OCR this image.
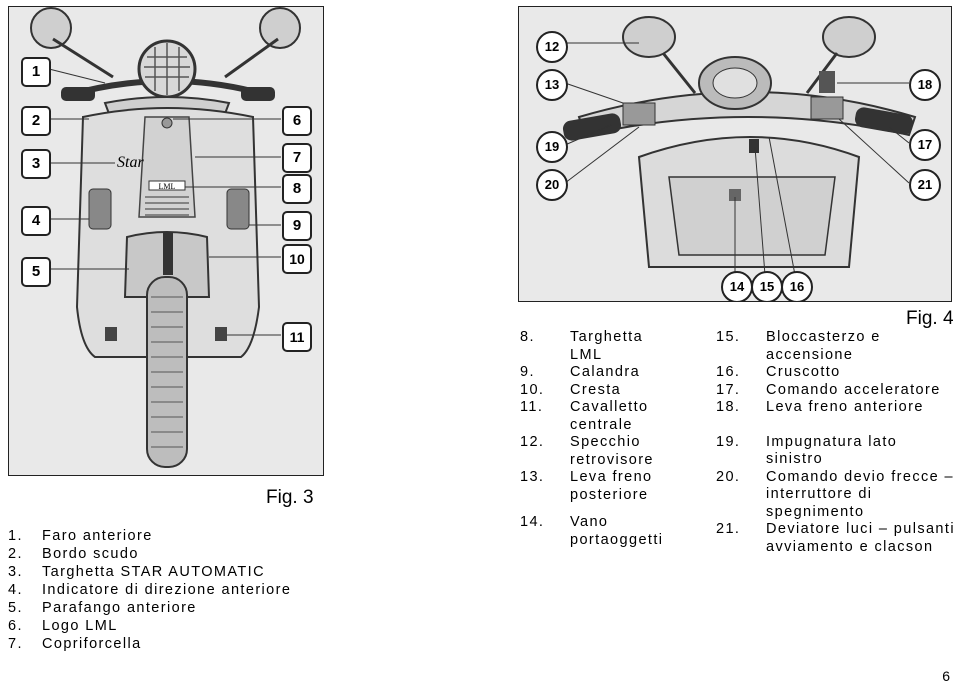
LML
Star
1
2
3
4
5
6
7
8
9
10
11
Fig. 3
1. Faro anteriore
2. Bordo scudo
3. Targhetta STAR AUTOMATIC
4. Indicatore di direzione anteriore
5. Parafango anteriore
6. Logo LML
7. Copriforcella
12
13
19
20
14	15	16
18
17
21
Fig. 4
8. Targhetta LML
9. Calandra
10. Cresta
11. Cavalletto centrale
12. Specchio retrovisore
13. Leva freno posteriore
14. Vano portaoggetti
15. Bloccasterzo e accensione
16. Cruscotto
17. Comando acceleratore
18. Leva freno anteriore
19. Impugnatura lato sinistro
20. Comando devio frecce – interruttore di spegnimento
21. Deviatore luci – pulsanti avviamento e clacson
6
